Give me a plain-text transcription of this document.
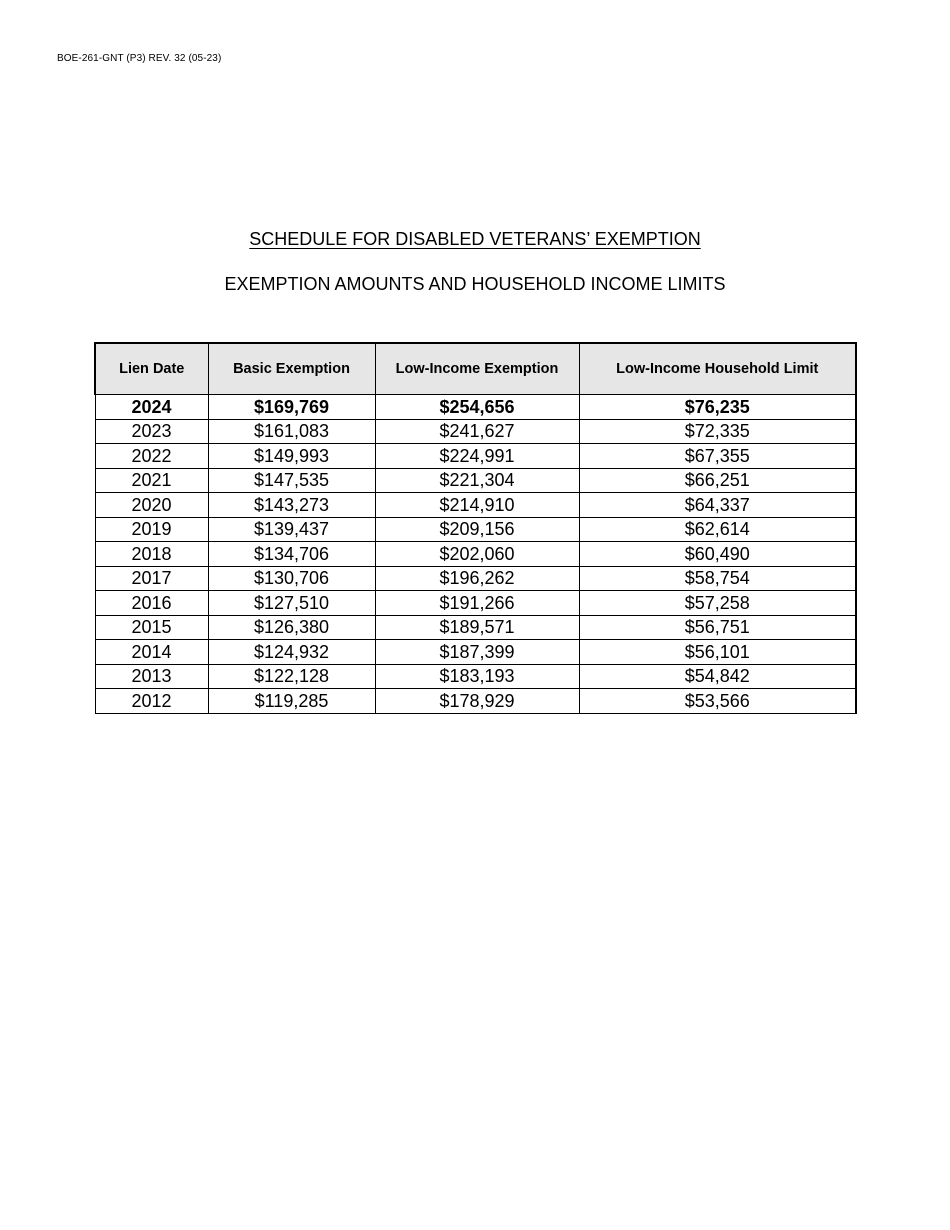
BOE-261-GNT (P3) REV. 32 (05-23)
SCHEDULE FOR DISABLED VETERANS’ EXEMPTION
EXEMPTION AMOUNTS AND HOUSEHOLD INCOME LIMITS
Lien Date	Basic Exemption	Low-Income Exemption	Low-Income Household Limit
2024	$169,769	$254,656	$76,235
2023	$161,083	$241,627	$72,335
2022	$149,993	$224,991	$67,355
2021	$147,535	$221,304	$66,251
2020	$143,273	$214,910	$64,337
2019	$139,437	$209,156	$62,614
2018	$134,706	$202,060	$60,490
2017	$130,706	$196,262	$58,754
2016	$127,510	$191,266	$57,258
2015	$126,380	$189,571	$56,751
2014	$124,932	$187,399	$56,101
2013	$122,128	$183,193	$54,842
2012	$119,285	$178,929	$53,566
